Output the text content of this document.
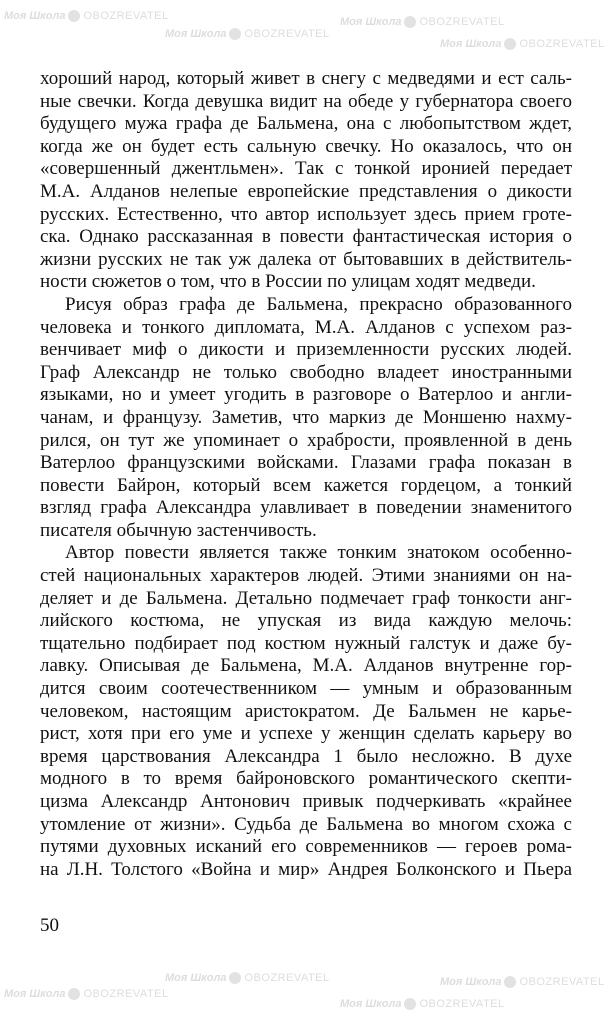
Моя Школа OBOZREVATEL
Моя Школа OBOZREVATEL
Моя Школа OBOZREVATEL
Моя Школа OBOZREVATEL
Моя Школа OBOZREVATEL
Моя Школа OBOZREVATEL
Моя Школа OBOZREVATEL
Моя Школа OBOZREVATEL
хороший народ, который живет в снегу с медведями и ест саль-
ные свечки. Когда девушка видит на обеде у губернатора своего
будущего мужа графа де Бальмена, она с любопытством ждет,
когда же он будет есть сальную свечку. Но оказалось, что он
«совершенный джентльмен». Так с тонкой иронией передает
М.А. Алданов нелепые европейские представления о дикости
русских. Естественно, что автор использует здесь прием гроте-
ска. Однако рассказанная в повести фантастическая история о
жизни русских не так уж далека от бытовавших в действитель-
ности сюжетов о том, что в России по улицам ходят медведи.
Рисуя образ графа де Бальмена, прекрасно образованного
человека и тонкого дипломата, М.А. Алданов с успехом раз-
венчивает миф о дикости и приземленности русских людей.
Граф Александр не только свободно владеет иностранными
языками, но и умеет угодить в разговоре о Ватерлоо и англи-
чанам, и французу. Заметив, что маркиз де Моншеню нахму-
рился, он тут же упоминает о храбрости, проявленной в день
Ватерлоо французскими войсками. Глазами графа показан в
повести Байрон, который всем кажется гордецом, а тонкий
взгляд графа Александра улавливает в поведении знаменитого
писателя обычную застенчивость.
Автор повести является также тонким знатоком особенно-
стей национальных характеров людей. Этими знаниями он на-
деляет и де Бальмена. Детально подмечает граф тонкости анг-
лийского костюма, не упуская из вида каждую мелочь:
тщательно подбирает под костюм нужный галстук и даже бу-
лавку. Описывая де Бальмена, М.А. Алданов внутренне гор-
дится своим соотечественником — умным и образованным
человеком, настоящим аристократом. Де Бальмен не карье-
рист, хотя при его уме и успехе у женщин сделать карьеру во
время царствования Александра 1 было несложно. В духе
модного в то время байроновского романтического скепти-
цизма Александр Антонович привык подчеркивать «крайнее
утомление от жизни». Судьба де Бальмена во многом схожа с
путями духовных исканий его современников — героев рома-
на Л.Н. Толстого «Война и мир» Андрея Болконского и Пьера
50
